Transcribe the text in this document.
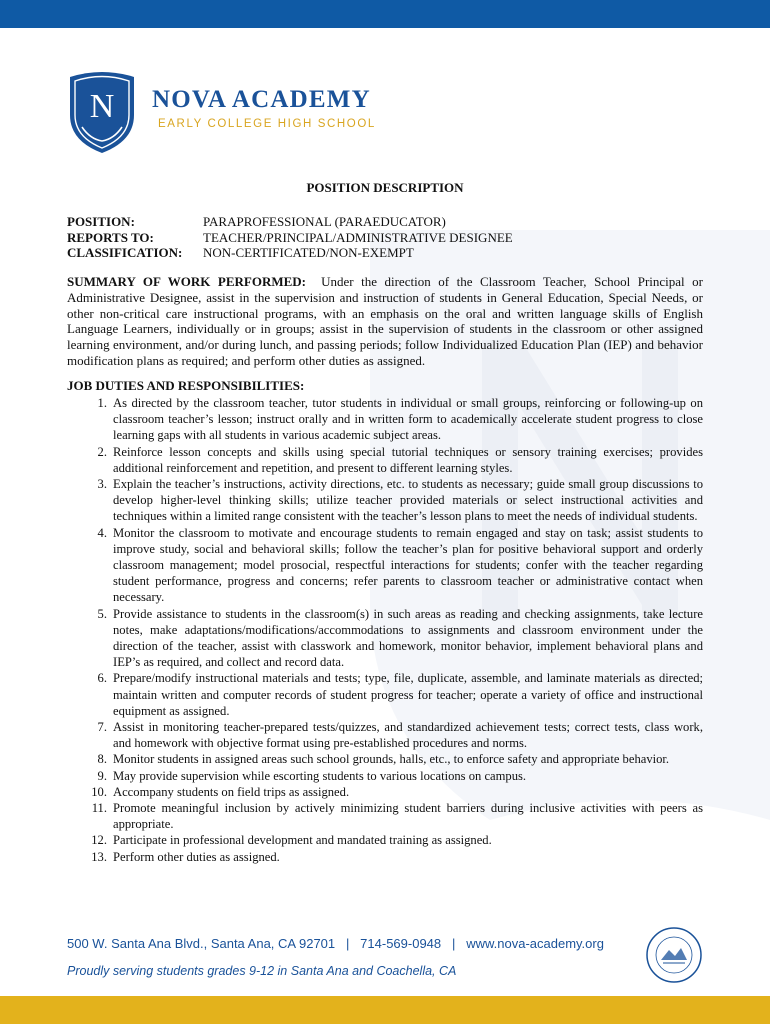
N NOVA ACADEMY
EARLY COLLEGE HIGH SCHOOL
POSITION DESCRIPTION
POSITION:	PARAPROFESSIONAL (PARAEDUCATOR)
REPORTS TO:	TEACHER/PRINCIPAL/ADMINISTRATIVE DESIGNEE
CLASSIFICATION:	NON-CERTIFICATED/NON-EXEMPT
SUMMARY OF WORK PERFORMED: Under the direction of the Classroom Teacher, School Principal or Administrative Designee, assist in the supervision and instruction of students in General Education, Special Needs, or other non-critical care instructional programs, with an emphasis on the oral and written language skills of English Language Learners, individually or in groups; assist in the supervision of students in the classroom or other assigned learning environment, and/or during lunch, and passing periods; follow Individualized Education Plan (IEP) and behavior modification plans as required; and perform other duties as assigned.
JOB DUTIES AND RESPONSIBILITIES:
1. As directed by the classroom teacher, tutor students in individual or small groups, reinforcing or following-up on classroom teacher’s lesson; instruct orally and in written form to academically accelerate student progress to close learning gaps with all students in various academic subject areas.
2. Reinforce lesson concepts and skills using special tutorial techniques or sensory training exercises; provides additional reinforcement and repetition, and present to different learning styles.
3. Explain the teacher’s instructions, activity directions, etc. to students as necessary; guide small group discussions to develop higher-level thinking skills; utilize teacher provided materials or select instructional activities and techniques within a limited range consistent with the teacher’s lesson plans to meet the needs of individual students.
4. Monitor the classroom to motivate and encourage students to remain engaged and stay on task; assist students to improve study, social and behavioral skills; follow the teacher’s plan for positive behavioral support and orderly classroom management; model prosocial, respectful interactions for students; confer with the teacher regarding student performance, progress and concerns; refer parents to classroom teacher or administrative contact when necessary.
5. Provide assistance to students in the classroom(s) in such areas as reading and checking assignments, take lecture notes, make adaptations/modifications/accommodations to assignments and classroom environment under the direction of the teacher, assist with classwork and homework, monitor behavior, implement behavioral plans and IEP’s as required, and collect and record data.
6. Prepare/modify instructional materials and tests; type, file, duplicate, assemble, and laminate materials as directed; maintain written and computer records of student progress for teacher; operate a variety of office and instructional equipment as assigned.
7. Assist in monitoring teacher-prepared tests/quizzes, and standardized achievement tests; correct tests, class work, and homework with objective format using pre-established procedures and norms.
8. Monitor students in assigned areas such school grounds, halls, etc., to enforce safety and appropriate behavior.
9. May provide supervision while escorting students to various locations on campus.
10. Accompany students on field trips as assigned.
11. Promote meaningful inclusion by actively minimizing student barriers during inclusive activities with peers as appropriate.
12. Participate in professional development and mandated training as assigned.
13. Perform other duties as assigned.
500 W. Santa Ana Blvd., Santa Ana, CA 92701   |   714-569-0948   |   www.nova-academy.org
Proudly serving students grades 9-12 in Santa Ana and Coachella, CA
